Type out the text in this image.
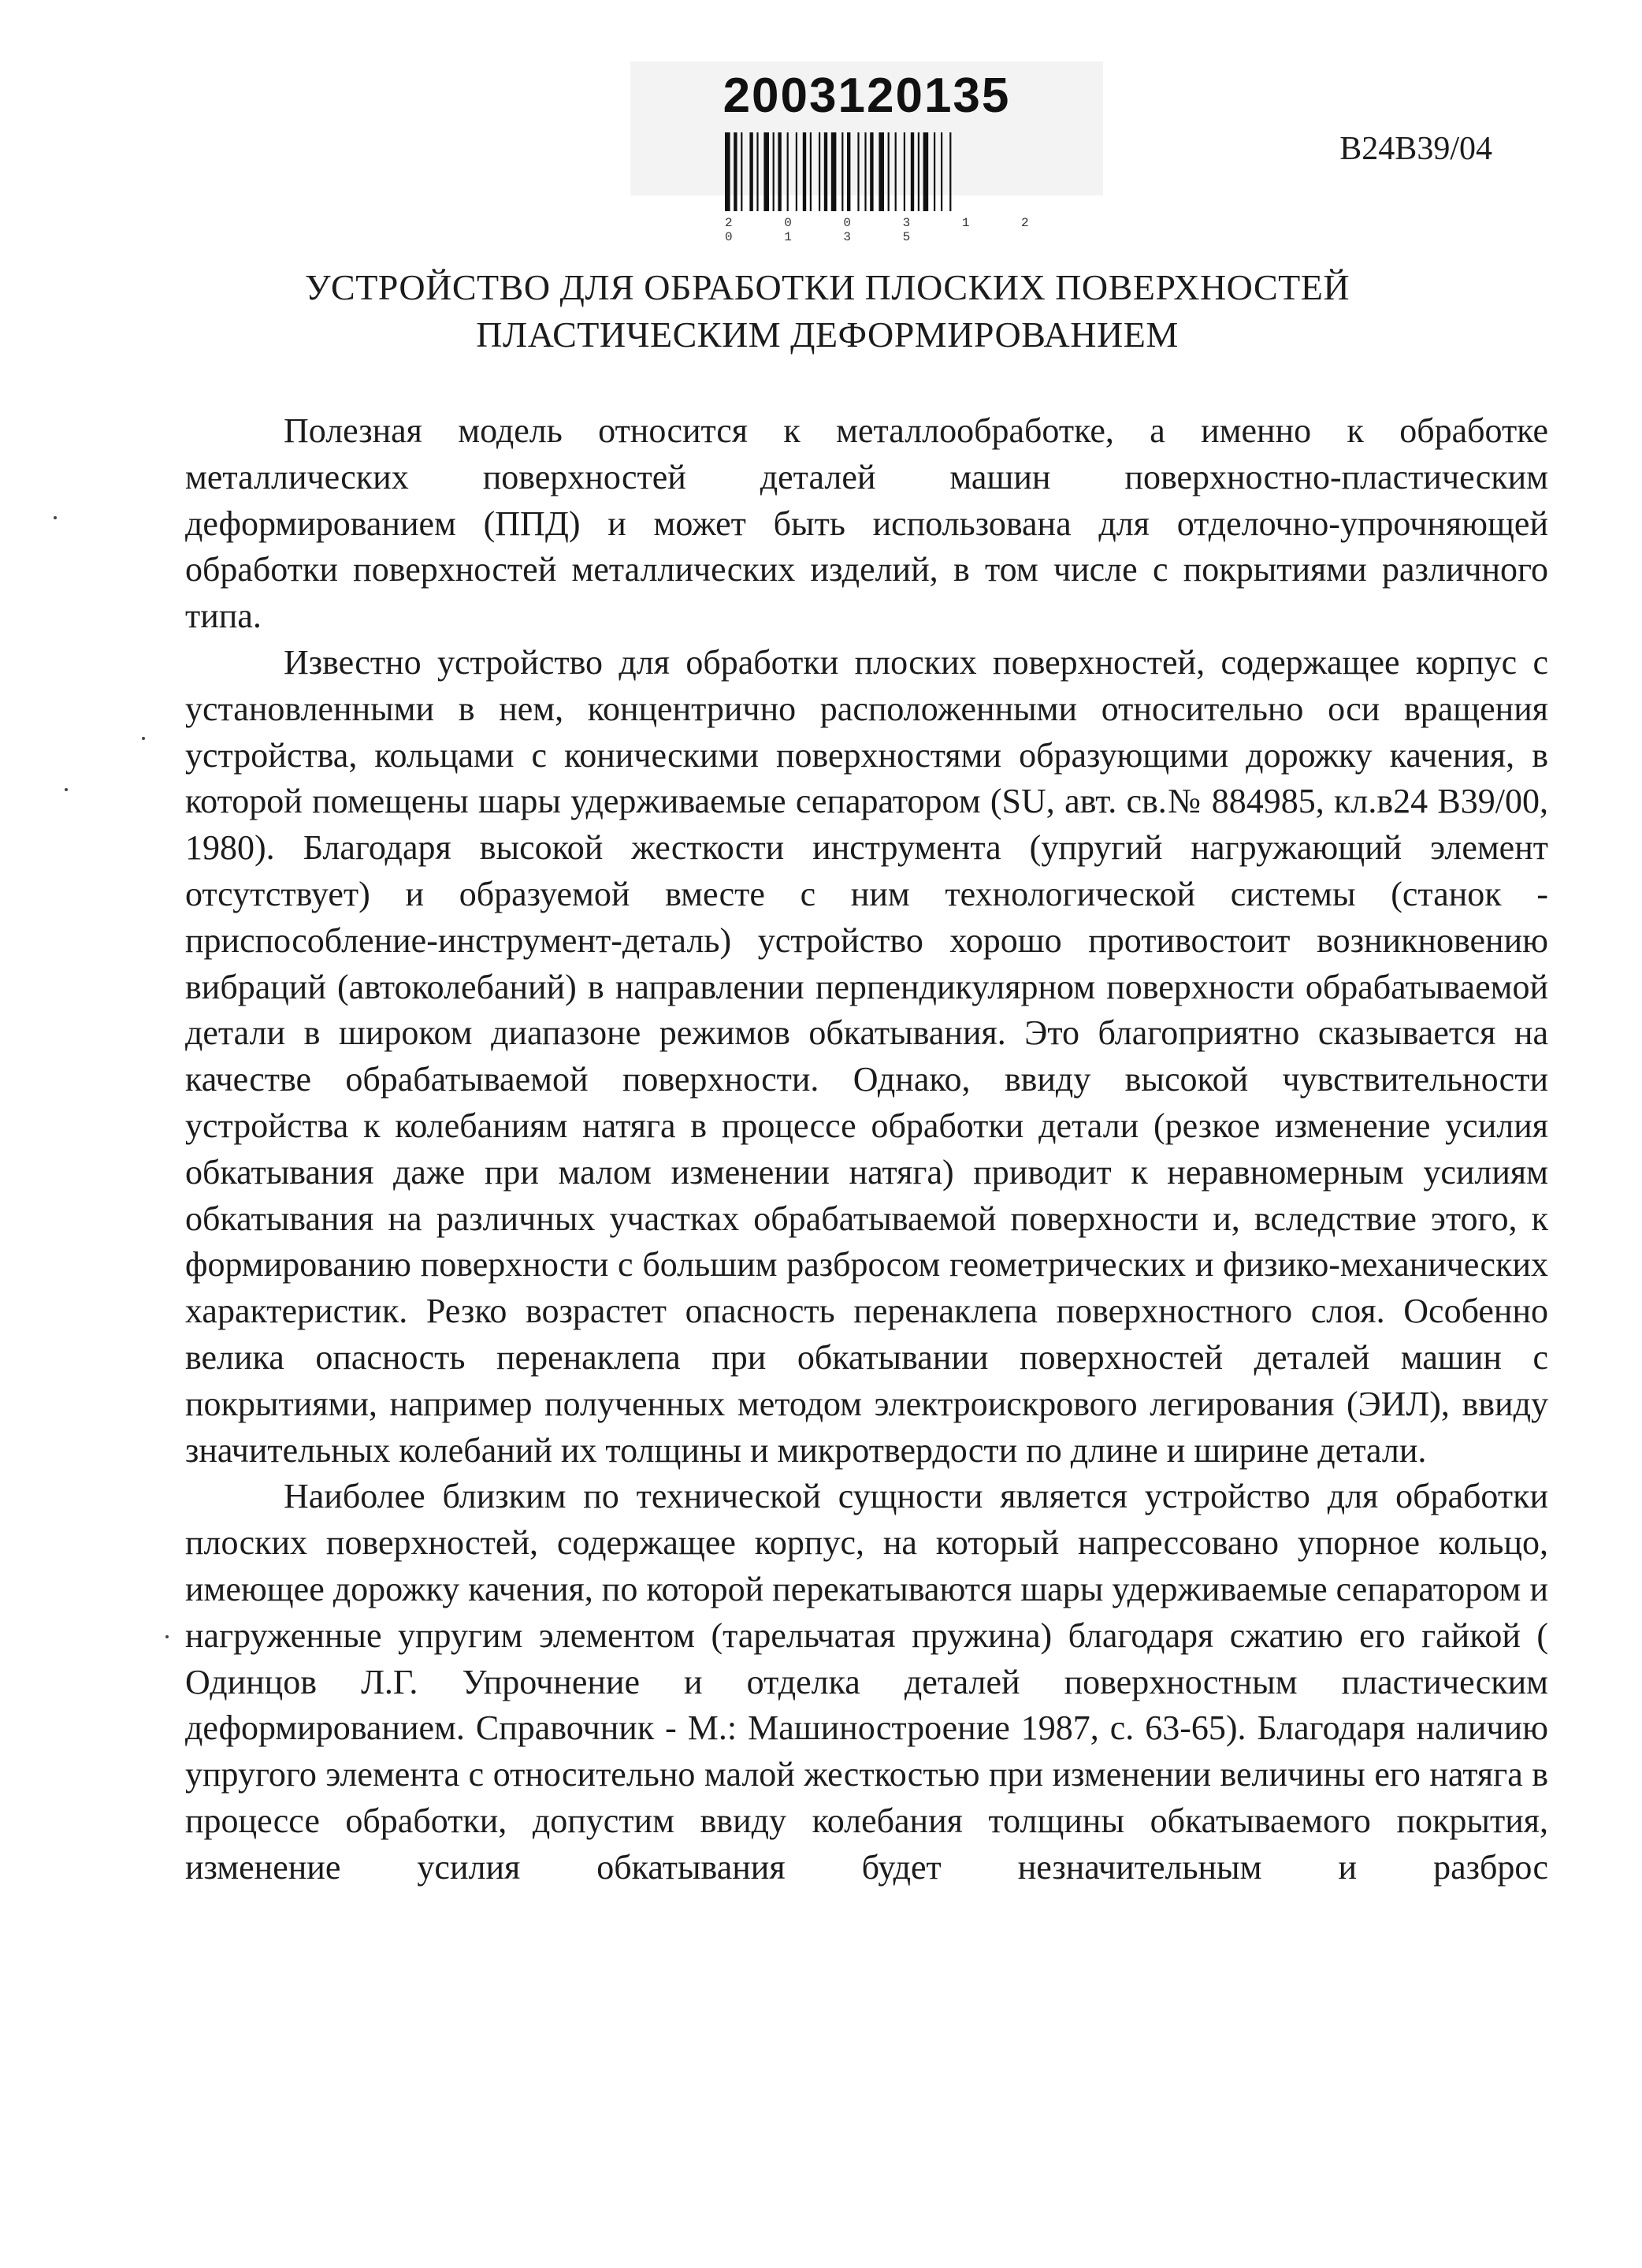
2003120135
2 0 0 3 1 2 0 1 3 5
B24B39/04
УСТРОЙСТВО ДЛЯ ОБРАБОТКИ ПЛОСКИХ ПОВЕРХНОСТЕЙ
ПЛАСТИЧЕСКИМ ДЕФОРМИРОВАНИЕМ

Полезная модель относится к металлообработке, а именно к обработке металлических поверхностей деталей машин поверхностно-пластическим деформированием (ППД) и может быть использована для отделочно-упрочняющей обработки поверхностей металлических изделий, в том числе с покрытиями различного типа.

Известно устройство для обработки плоских поверхностей, содержащее корпус с установленными в нем, концентрично расположенными относительно оси вращения устройства, кольцами с коническими поверхностями образующими дорожку качения, в которой помещены шары удерживаемые сепаратором (SU, авт. св.№ 884985, кл.в24 B39/00, 1980). Благодаря высокой жесткости инструмента (упругий нагружающий элемент отсутствует) и образуемой вместе с ним технологической системы (станок - приспособление-инструмент-деталь) устройство хорошо противостоит возникновению вибраций (автоколебаний) в направлении перпендикулярном поверхности обрабатываемой детали в широком диапазоне режимов обкатывания. Это благоприятно сказывается на качестве обрабатываемой поверхности. Однако, ввиду высокой чувствительности устройства к колебаниям натяга в процессе обработки детали (резкое изменение усилия обкатывания даже при малом изменении натяга) приводит к неравномерным усилиям обкатывания на различных участках обрабатываемой поверхности и, вследствие этого, к формированию поверхности с большим разбросом геометрических и физико-механических характеристик. Резко возрастет опасность перенаклепа поверхностного слоя. Особенно велика опасность перенаклепа при обкатывании поверхностей деталей машин с покрытиями, например полученных методом электроискрового легирования (ЭИЛ), ввиду значительных колебаний их толщины и микротвердости по длине и ширине детали.

Наиболее близким по технической сущности является устройство для обработки плоских поверхностей, содержащее корпус, на который напрессовано упорное кольцо, имеющее дорожку качения, по которой перекатываются шары удерживаемые сепаратором и нагруженные упругим элементом (тарельчатая пружина) благодаря сжатию его гайкой ( Одинцов Л.Г. Упрочнение и отделка деталей поверхностным пластическим деформированием. Справочник - М.: Машиностроение 1987, с. 63-65). Благодаря наличию упругого элемента с относительно малой жесткостью при изменении величины его натяга в процессе обработки, допустим ввиду колебания толщины обкатываемого покрытия, изменение усилия обкатывания будет незначительным и разброс
